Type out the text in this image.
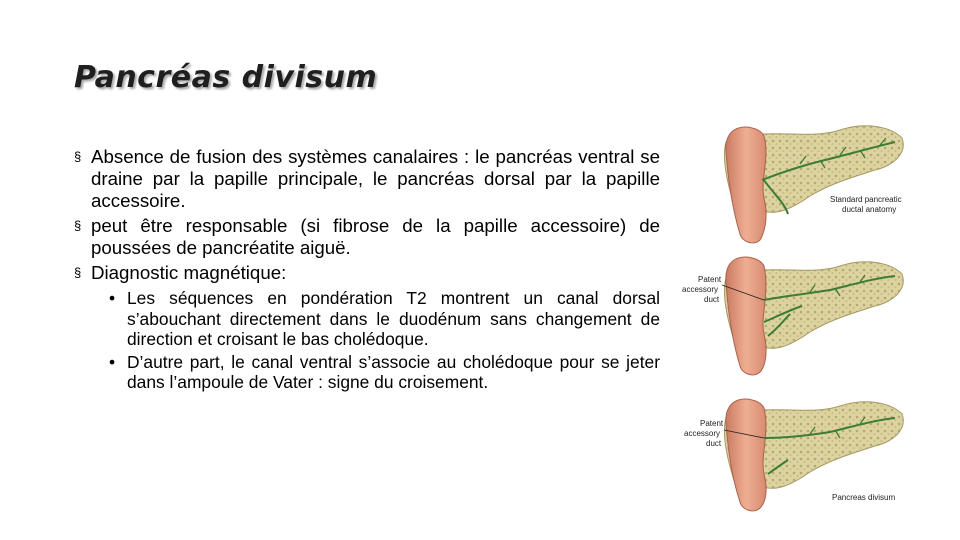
Pancréas divisum
§ Absence de fusion des systèmes canalaires : le pancréas ventral se draine par la papille principale, le pancréas dorsal par la papille accessoire.
§ peut être responsable (si fibrose de la papille accessoire) de poussées de pancréatite aiguë.
§ Diagnostic magnétique:
• Les séquences en pondération T2 montrent un canal dorsal s’abouchant directement dans le duodénum sans changement de direction et croisant le bas cholédoque.
• D’autre part, le canal ventral s’associe au cholédoque pour se jeter dans l’ampoule de Vater : signe du croisement.
Standard pancreatic
ductal anatomy
Patent
accessory
duct
Patent
accessory
duct
Pancreas divisum
